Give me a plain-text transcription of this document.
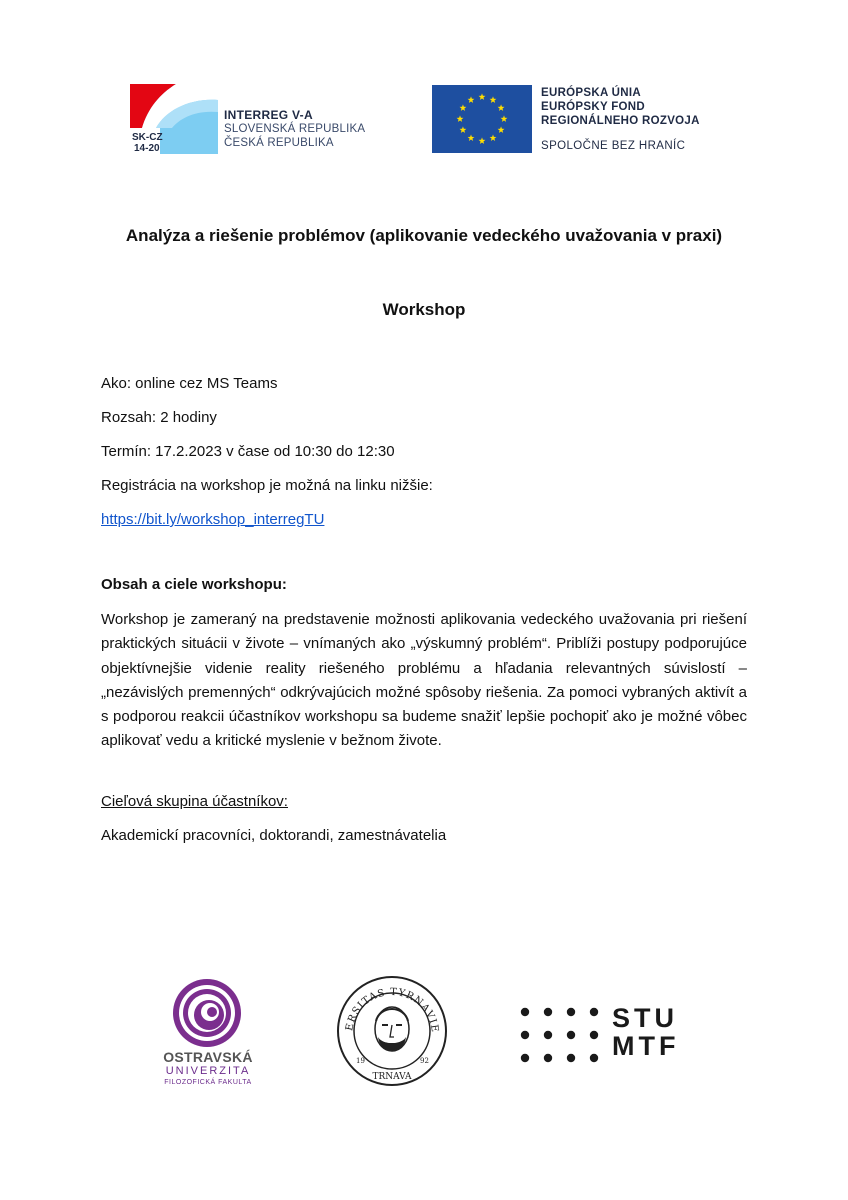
SK-CZ
14-20
INTERREG V-A
SLOVENSKÁ REPUBLIKA
ČESKÁ REPUBLIKA
EURÓPSKA ÚNIA
EURÓPSKY FOND
REGIONÁLNEHO ROZVOJA
SPOLOČNE BEZ HRANÍC
Analýza a riešenie problémov (aplikovanie vedeckého uvažovania v praxi)
Workshop
Ako: online cez MS Teams
Rozsah: 2 hodiny
Termín: 17.2.2023 v čase od 10:30 do 12:30
Registrácia na workshop je možná na linku nižšie:
https://bit.ly/workshop_interregTU
Obsah a ciele workshopu:
Workshop je zameraný na predstavenie možnosti aplikovania vedeckého uvažovania pri riešení praktických situácii v živote – vnímaných ako „výskumný problém“. Priblíži postupy podporujúce objektívnejšie videnie reality riešeného problému a hľadania relevantných súvislostí – „nezávislých premenných“ odkrývajúcich možné spôsoby riešenia. Za pomoci vybraných aktivít a s podporou reakcii účastníkov workshopu sa budeme snažiť lepšie pochopiť ako je možné vôbec aplikovať vedu a kritické myslenie v bežnom živote.
Cieľová skupina účastníkov:
Akademickí pracovníci, doktorandi, zamestnávatelia
OSTRAVSKÁ
UNIVERZITA
FILOZOFICKÁ FAKULTA
ERSITAS TYRNAVIE
TRNAVA
19	92
STU
MTF
